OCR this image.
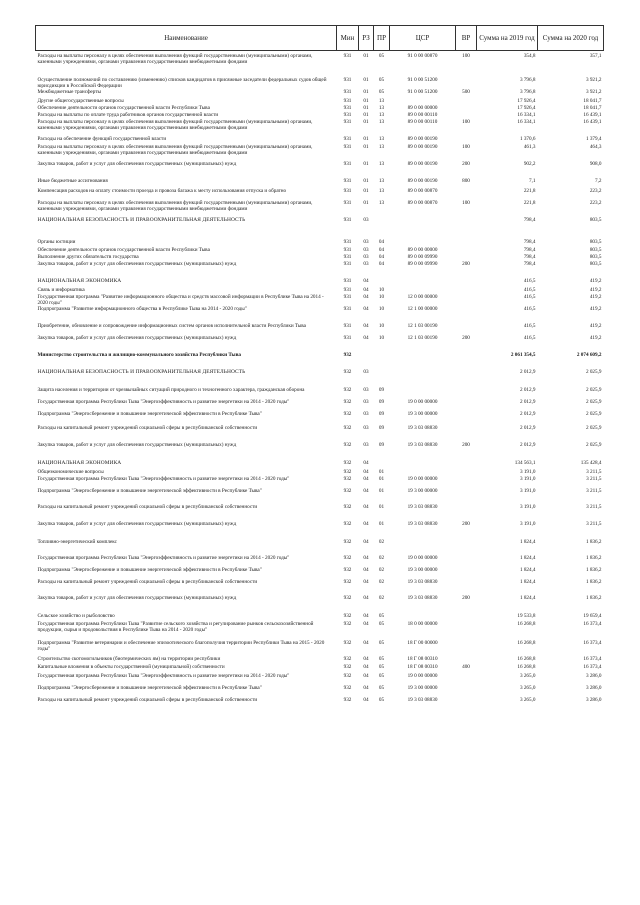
Наименование	Мин	РЗ	ПР	ЦСР	ВР	Сумма на 2019 год	Сумма на 2020 год
Расходы на выплаты персоналу в целях обеспечения выполнения функций государственными (муниципальными) органами, казенными учреждениями, органами управления государственными внебюджетными фондами	931	01	05	91 0 00 00870	100	354,8	357,1
Осуществление полномочий по составлению (изменению) списков кандидатов в присяжные заседатели федеральных судов общей юрисдикции в Российской Федерации	931	01	05	91 0 00 51200		3 796,8	3 921,2
Межбюджетные трансферты	931	01	05	91 0 00 51200	500	3 796,8	3 921,2
Другие общегосударственные вопросы	931	01	13			17 926,4	18 041,7
Обеспечение деятельности органов государственной власти Республики Тыва	931	01	13	89 0 00 00000		17 926,4	18 041,7
Расходы на выплаты по оплате труда работников органов государственной власти	931	01	13	89 0 00 00110		16 334,1	16 439,1
Расходы на выплаты персоналу в целях обеспечения выполнения функций государственными (муниципальными) органами, казенными учреждениями, органами управления государственными внебюджетными фондами	931	01	13	89 0 00 00110	100	16 334,1	16 439,1
Расходы на обеспечение функций государственной власти	931	01	13	89 0 00 00190		1 370,6	1 379,4
Расходы на выплаты персоналу в целях обеспечения выполнения функций государственными (муниципальными) органами, казенными учреждениями, органами управления государственными внебюджетными фондами	931	01	13	89 0 00 00190	100	461,3	464,3
Закупка товаров, работ и услуг для обеспечения государственных (муниципальных) нужд	931	01	13	89 0 00 00190	200	902,2	908,0
Иные бюджетные ассигнования	931	01	13	89 0 00 00190	800	7,1	7,2
Компенсация расходов на оплату стоимости проезда и провоза багажа к месту использования отпуска и обратно	931	01	13	89 0 00 00870		221,8	223,2
Расходы на выплаты персоналу в целях обеспечения выполнения функций государственными (муниципальными) органами, казенными учреждениями, органами управления государственными внебюджетными фондами	931	01	13	89 0 00 00870	100	221,8	223,2
НАЦИОНАЛЬНАЯ БЕЗОПАСНОСТЬ И ПРАВООХРАНИТЕЛЬНАЯ ДЕЯТЕЛЬНОСТЬ	931	03				798,4	803,5
Органы юстиции	931	03	04			798,4	803,5
Обеспечение деятельности органов государственной власти Республики Тыва	931	03	04	89 0 00 00000		798,4	803,5
Выполнение других обязательств государства	931	03	04	89 0 00 09990		798,4	803,5
Закупка товаров, работ и услуг для обеспечения государственных (муниципальных) нужд	931	03	04	89 0 00 09990	200	798,4	803,5
НАЦИОНАЛЬНАЯ ЭКОНОМИКА	931	04				416,5	419,2
Связь и информатика	931	04	10			416,5	419,2
Государственная программа "Развитие информационного общества и средств массовой информации в Республике Тыва на 2014 - 2020 годы"	931	04	10	12 0 00 00000		416,5	419,2
Подпрограмма "Развитие информационного общества в Республике Тыва на 2014 - 2020 годы"	931	04	10	12 1 00 00000		416,5	419,2
Приобретение, обновление и сопровождение информационных систем органов исполнительной власти Республики Тыва	931	04	10	12 1 03 00190		416,5	419,2
Закупка товаров, работ и услуг для обеспечения государственных (муниципальных) нужд	931	04	10	12 1 03 00190	200	416,5	419,2
Министерство строительства и жилищно-коммунального хозяйства Республики Тыва	932					2 061 354,5	2 074 609,2
НАЦИОНАЛЬНАЯ БЕЗОПАСНОСТЬ И ПРАВООХРАНИТЕЛЬНАЯ ДЕЯТЕЛЬНОСТЬ	932	03				2 012,9	2 025,9
Защита населения и территории от чрезвычайных ситуаций природного и техногенного характера, гражданская оборона	932	03	09			2 012,9	2 025,9
Государственная программа Республики Тыва "Энергоэффективность и развитие энергетики на 2014 - 2020 годы"	932	03	09	19 0 00 00000		2 012,9	2 025,9
Подпрограмма "Энергосбережение и повышение энергетической эффективности в Республике Тыва"	932	03	09	19 3 00 00000		2 012,9	2 025,9
Расходы на капитальный ремонт учреждений социальной сферы в республиканской собственности	932	03	09	19 3 03 08830		2 012,9	2 025,9
Закупка товаров, работ и услуг для обеспечения государственных (муниципальных) нужд	932	03	09	19 3 03 08830	200	2 012,9	2 025,9
НАЦИОНАЛЬНАЯ ЭКОНОМИКА	932	04				134 563,1	135 428,4
Общеэкономические вопросы	932	04	01			3 191,0	3 211,5
Государственная программа Республики Тыва "Энергоэффективность и развитие энергетики на 2014 - 2020 годы"	932	04	01	19 0 00 00000		3 191,0	3 211,5
Подпрограмма "Энергосбережение и повышение энергетической эффективности в Республике Тыва"	932	04	01	19 3 00 00000		3 191,0	3 211,5
Расходы на капитальный ремонт учреждений социальной сферы в республиканской собственности	932	04	01	19 3 03 08830		3 191,0	3 211,5
Закупка товаров, работ и услуг для обеспечения государственных (муниципальных) нужд	932	04	01	19 3 03 08830	200	3 191,0	3 211,5
Топливно-энергетический комплекс	932	04	02			1 824,4	1 836,2
Государственная программа Республики Тыва "Энергоэффективность и развитие энергетики на 2014 - 2020 годы"	932	04	02	19 0 00 00000		1 824,4	1 836,2
Подпрограмма "Энергосбережение и повышение энергетической эффективности в Республике Тыва"	932	04	02	19 3 00 00000		1 824,4	1 836,2
Расходы на капитальный ремонт учреждений социальной сферы в республиканской собственности	932	04	02	19 3 03 08830		1 824,4	1 836,2
Закупка товаров, работ и услуг для обеспечения государственных (муниципальных) нужд	932	04	02	19 3 03 08830	200	1 824,4	1 836,2
Сельское хозяйство и рыболовство	932	04	05			19 533,8	19 659,4
Государственная программа Республики Тыва "Развитие сельского хозяйства и регулирование рынков сельскохозяйственной продукции, сырья и продовольствия в Республике Тыва на 2014 - 2020 годы"	932	04	05	18 0 00 00000		16 268,8	16 373,4
Подпрограмма "Развитие ветеринарии и обеспечение эпизоотического благополучия территории Республики Тыва на 2015 - 2020 годы"	932	04	05	18 Г 00 00000		16 268,8	16 373,4
Строительство скотомогильников (биотермических ям) на территории республики	932	04	05	18 Г 08 00310		16 268,8	16 373,4
Капитальные вложения в объекты государственной (муниципальной) собственности	932	04	05	18 Г 08 00310	400	16 268,8	16 373,4
Государственная программа Республики Тыва "Энергоэффективность и развитие энергетики на 2014 - 2020 годы"	932	04	05	19 0 00 00000		3 265,0	3 286,0
Подпрограмма "Энергосбережение и повышение энергетической эффективности в Республике Тыва"	932	04	05	19 3 00 00000		3 265,0	3 286,0
Расходы на капитальный ремонт учреждений социальной сферы в республиканской собственности	932	04	05	19 3 03 08830		3 265,0	3 286,0
